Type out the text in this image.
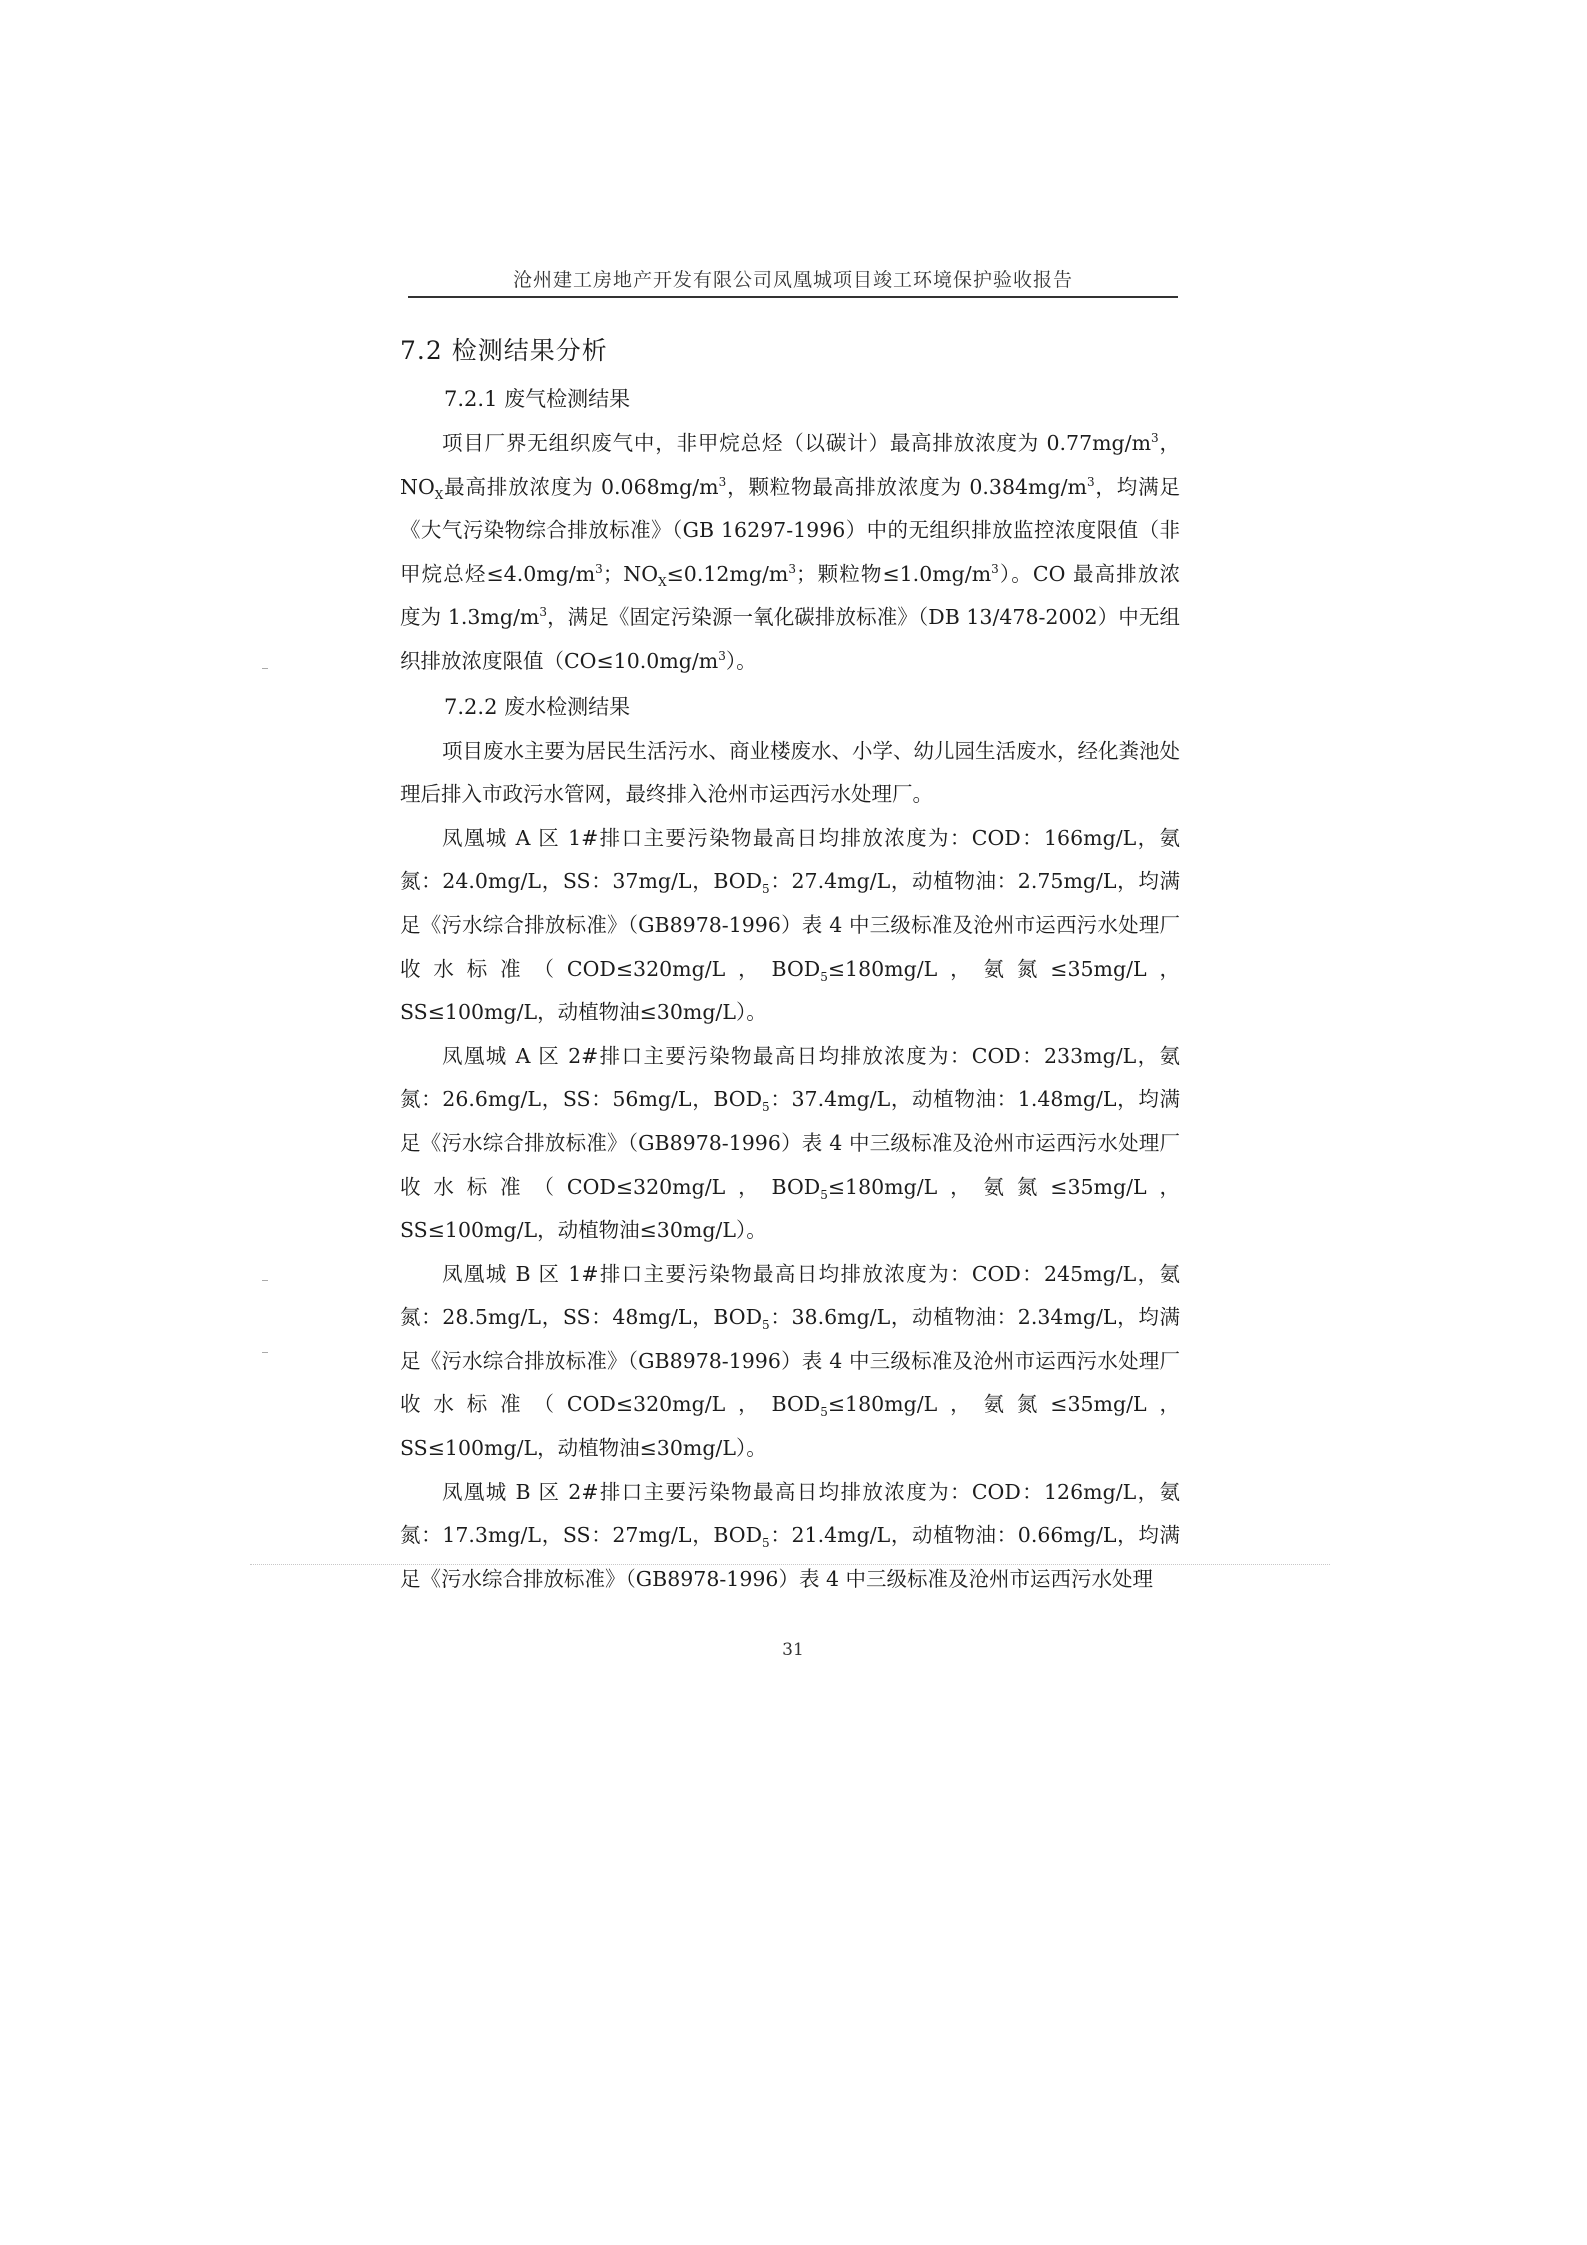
沧州建工房地产开发有限公司凤凰城项目竣工环境保护验收报告
7.2 检测结果分析
7.2.1 废气检测结果

项目厂界无组织废气中，非甲烷总烃（以碳计）最高排放浓度为 $0.77mg/m^3$，$NO_X$最高排放浓度为 $0.068mg/m^3$，颗粒物最高排放浓度为 $0.384mg/m^3$，均满足《大气污染物综合排放标准》（GB 16297-1996）中的无组织排放监控浓度限值（非甲烷总烃$\le 4.0mg/m^3$；$NO_X\le 0.12mg/m^3$；颗粒物$\le 1.0mg/m^3$）。CO 最高排放浓度为 $1.3mg/m^3$，满足《固定污染源一氧化碳排放标准》（DB 13/478-2002）中无组织排放浓度限值$(CO\le 10.0mg/m^3)$。

7.2.2 废水检测结果

项目废水主要为居民生活污水、商业楼废水、小学、幼儿园生活废水，经化粪池处理后排入市政污水管网，最终排入沧州市运西污水处理厂。

凤凰城 A 区 1#排口主要污染物最高日均排放浓度为：COD：166mg/L，氨氮：24.0mg/L，SS：37mg/L，$BOD_5$：27.4mg/L，动植物油：2.75mg/L，均满足《污水综合排放标准》（GB8978-1996）表 4 中三级标准及沧州市运西污水处理厂收水标准（COD≤320mg/L，$BOD_5\le 180mg/L$，氨氮≤35mg/L，SS≤100mg/L，动植物油≤30mg/L）。

凤凰城 A 区 2#排口主要污染物最高日均排放浓度为：COD：233mg/L，氨氮：26.6mg/L，SS：56mg/L，$BOD_5$：37.4mg/L，动植物油：1.48mg/L，均满足《污水综合排放标准》（GB8978-1996）表 4 中三级标准及沧州市运西污水处理厂收水标准（COD≤320mg/L，$BOD_5\le 180mg/L$，氨氮≤35mg/L，SS≤100mg/L，动植物油≤30mg/L）。

凤凰城 B 区 1#排口主要污染物最高日均排放浓度为：COD：245mg/L，氨氮：28.5mg/L，SS：48mg/L，$BOD_5$：38.6mg/L，动植物油：2.34mg/L，均满足《污水综合排放标准》（GB8978-1996）表 4 中三级标准及沧州市运西污水处理厂收水标准（COD≤320mg/L，$BOD_5\le 180mg/L$，氨氮≤35mg/L，SS≤100mg/L，动植物油≤30mg/L）。

凤凰城 B 区 2#排口主要污染物最高日均排放浓度为：COD：126mg/L，氨氮：17.3mg/L，SS：27mg/L，$BOD_5$：21.4mg/L，动植物油：0.66mg/L，均满足《污水综合排放标准》（GB8978-1996）表 4 中三级标准及沧州市运西污水处理

31
